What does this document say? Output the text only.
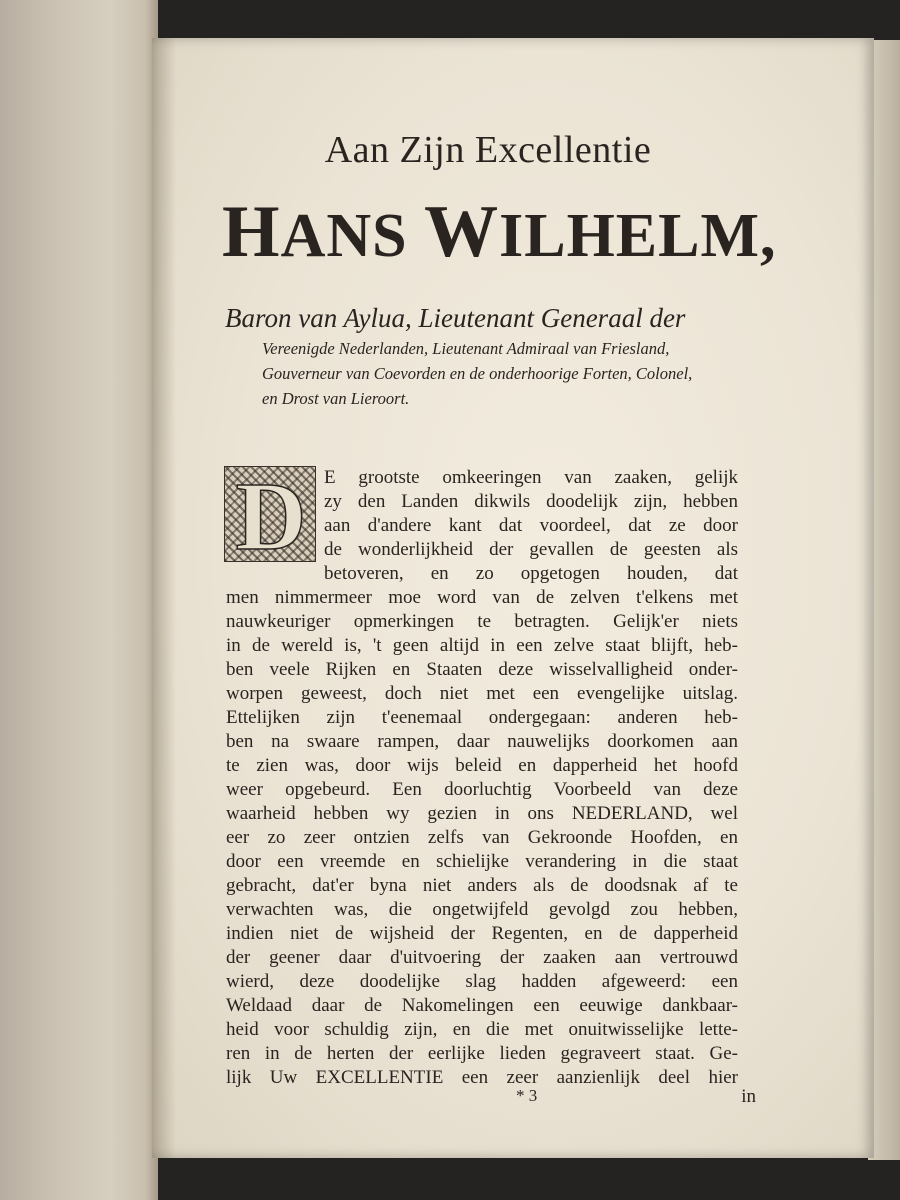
Aan Zijn Excellentie
HANS WILHELM,
Baron van Aylua, Lieutenant Generaal der
Vereenigde Nederlanden, Lieutenant Admiraal van Friesland,
Gouverneur van Coevorden en de onderhoorige Forten, Colonel,
en Drost van Lieroort.
D E grootste omkeeringen van zaaken, gelijk
zy den Landen dikwils doodelijk zijn, hebben
aan d'andere kant dat voordeel, dat ze door
de wonderlijkheid der gevallen de geesten als
betoveren, en zo opgetogen houden, dat
men nimmermeer moe word van de zelven t'elkens met
nauwkeuriger opmerkingen te betragten. Gelijk'er niets
in de wereld is, 't geen altijd in een zelve staat blijft, heb-
ben veele Rijken en Staaten deze wisselvalligheid onder-
worpen geweest, doch niet met een evengelijke uitslag.
Ettelijken zijn t'eenemaal ondergegaan: anderen heb-
ben na swaare rampen, daar nauwelijks doorkomen aan
te zien was, door wijs beleid en dapperheid het hoofd
weer opgebeurd. Een doorluchtig Voorbeeld van deze
waarheid hebben wy gezien in ons NEDERLAND, wel
eer zo zeer ontzien zelfs van Gekroonde Hoofden, en
door een vreemde en schielijke verandering in die staat
gebracht, dat'er byna niet anders als de doodsnak af te
verwachten was, die ongetwijfeld gevolgd zou hebben,
indien niet de wijsheid der Regenten, en de dapperheid
der geener daar d'uitvoering der zaaken aan vertrouwd
wierd, deze doodelijke slag hadden afgeweerd: een
Weldaad daar de Nakomelingen een eeuwige dankbaar-
heid voor schuldig zijn, en die met onuitwisselijke lette-
ren in de herten der eerlijke lieden gegraveert staat. Ge-
lijk Uw EXCELLENTIE een zeer aanzienlijk deel hier
* 3	in
